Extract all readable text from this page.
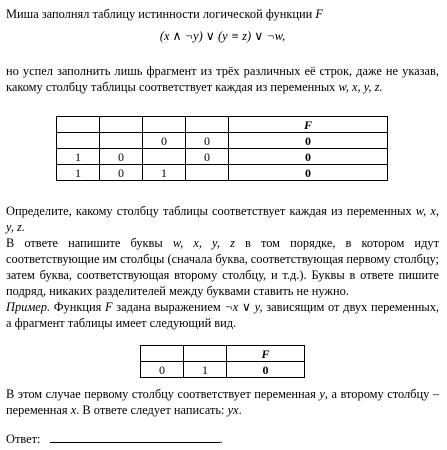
Миша заполнял таблицу истинности логической функции F

(x ∧ ¬y) ∨ (y ≡ z) ∨ ¬w,

но успел заполнить лишь фрагмент из трёх различных её строк, даже не указав, какому столбцу таблицы соответствует каждая из переменных w, x, y, z.

				F
		0	0	0
1	0		0	0
1	0	1		0

Определите, какому столбцу таблицы соответствует каждая из переменных w, x, y, z.

В ответе напишите буквы w, x, y, z в том порядке, в котором идут соответствующие им столбцы (сначала буква, соответствующая первому столбцу; затем буква, соответствующая второму столбцу, и т.д.). Буквы в ответе пишите подряд, никаких разделителей между буквами ставить не нужно.

Пример. Функция F задана выражением ¬x ∨ y, зависящим от двух переменных, а фрагмент таблицы имеет следующий вид.

		F
0	1	0

В этом случае первому столбцу соответствует переменная y, а второму столбцу – переменная x. В ответе следует написать: yx.

Ответ:	.
